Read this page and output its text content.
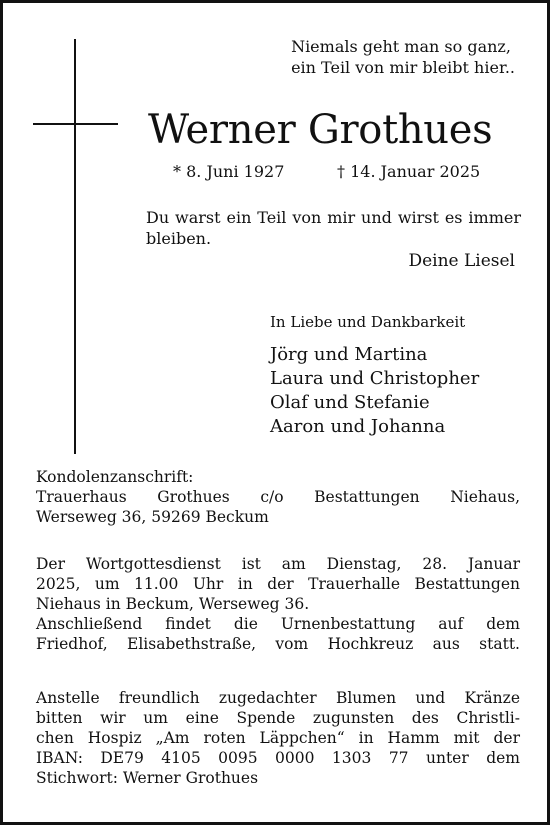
Niemals geht man so ganz,
ein Teil von mir bleibt hier..

Werner Grothues
* 8. Juni 1927	† 14. Januar 2025

Du warst ein Teil von mir und wirst es immer bleiben.

Deine Liesel
In Liebe und Dankbarkeit
Jörg und Martina
Laura und Christopher
Olaf und Stefanie
Aaron und Johanna
Kondolenzanschrift:
Trauerhaus Grothues c/o Bestattungen Niehaus,
Werseweg 36, 59269 Beckum
Der Wortgottesdienst ist am Dienstag, 28. Januar
2025, um 11.00 Uhr in der Trauerhalle Bestattungen
Niehaus in Beckum, Werseweg 36.
Anschließend findet die Urnenbestattung auf dem
Friedhof, Elisabethstraße, vom Hochkreuz aus statt.
Anstelle freundlich zugedachter Blumen und Kränze
bitten wir um eine Spende zugunsten des Christli-
chen Hospiz „Am roten Läppchen“ in Hamm mit der
IBAN: DE79 4105 0095 0000 1303 77 unter dem
Stichwort: Werner Grothues
